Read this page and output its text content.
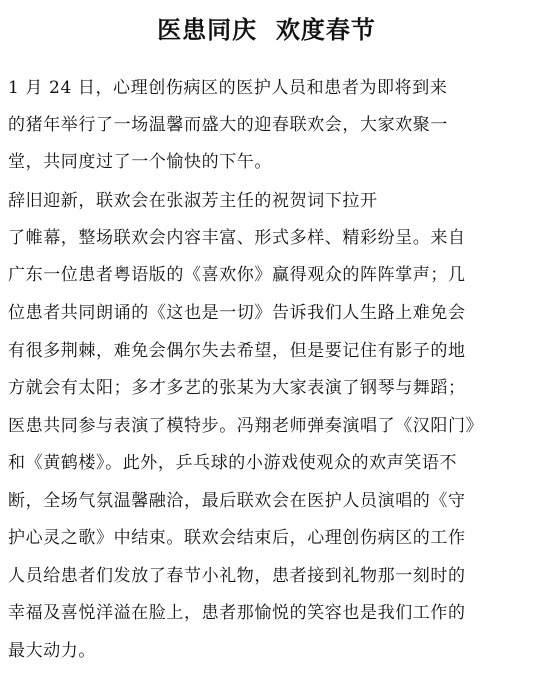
医患同庆  欢度春节
1 月 24 日，心理创伤病区的医护人员和患者为即将到来
的猪年举行了一场温馨而盛大的迎春联欢会，大家欢聚一
堂，共同度过了一个愉快的下午。
辞旧迎新，联欢会在张淑芳主任的祝贺词下拉开
了帷幕，整场联欢会内容丰富、形式多样、精彩纷呈。来自
广东一位患者粤语版的《喜欢你》赢得观众的阵阵掌声；几
位患者共同朗诵的《这也是一切》告诉我们人生路上难免会
有很多荆棘，难免会偶尔失去希望，但是要记住有影子的地
方就会有太阳；多才多艺的张某为大家表演了钢琴与舞蹈；
医患共同参与表演了模特步。冯翔老师弹奏演唱了《汉阳门》
和《黄鹤楼》。此外，乒乓球的小游戏使观众的欢声笑语不
断，全场气氛温馨融洽，最后联欢会在医护人员演唱的《守
护心灵之歌》中结束。联欢会结束后，心理创伤病区的工作
人员给患者们发放了春节小礼物，患者接到礼物那一刻时的
幸福及喜悦洋溢在脸上，患者那愉悦的笑容也是我们工作的
最大动力。
